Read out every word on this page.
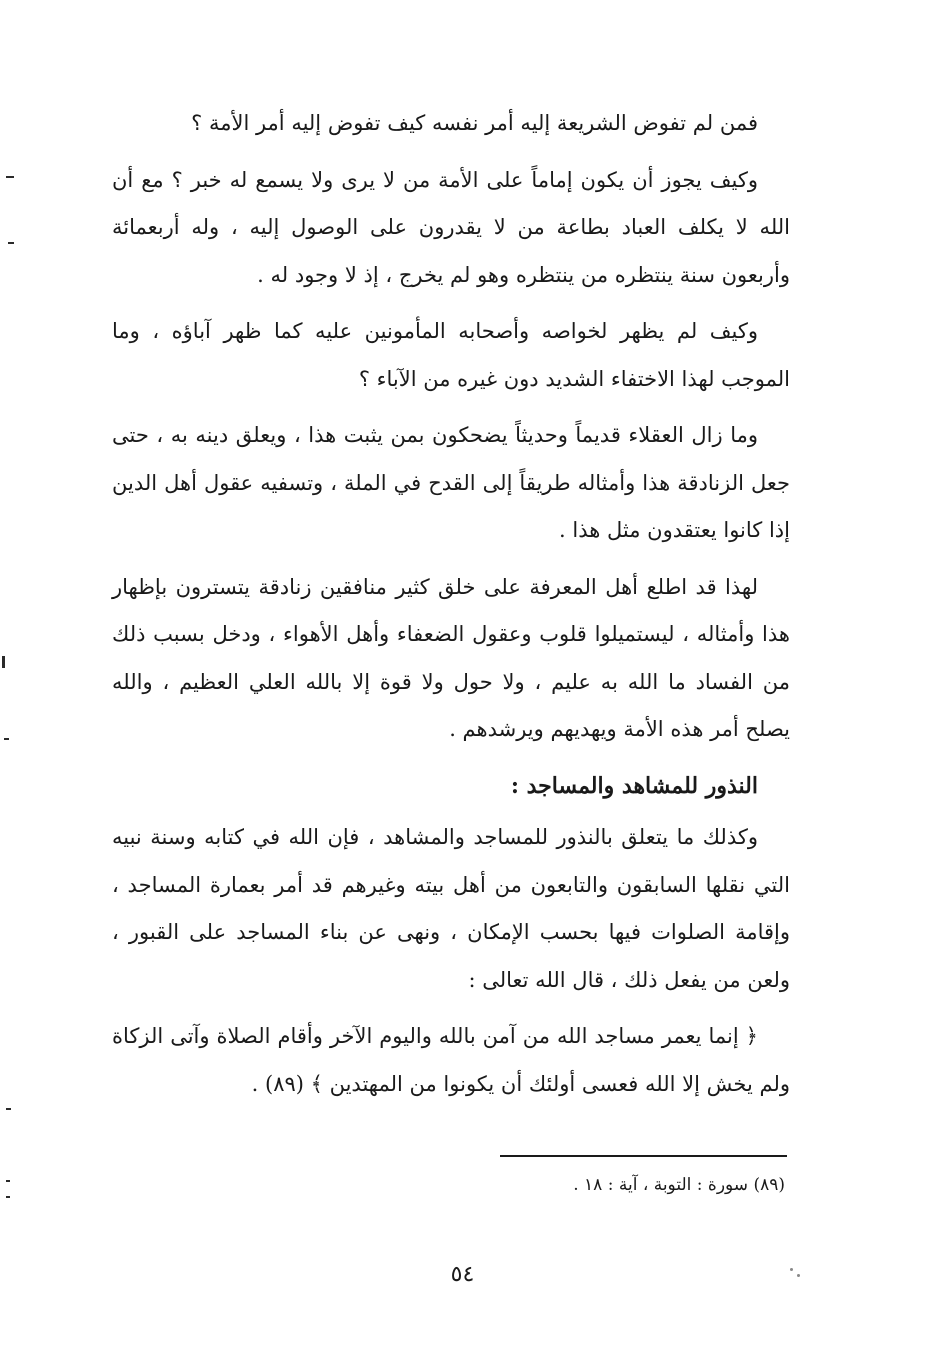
فمن لم تفوض الشريعة إليه أمر نفسه كيف تفوض إليه أمر الأمة ؟

وكيف يجوز أن يكون إماماً على الأمة من لا يرى ولا يسمع له خبر ؟ مع أن الله لا يكلف العباد بطاعة من لا يقدرون على الوصول إليه ، وله أربعمائة وأربعون سنة ينتظره من ينتظره وهو لم يخرج ، إذ لا وجود له .

وكيف لم يظهر لخواصه وأصحابه المأمونين عليه كما ظهر آباؤه ، وما الموجب لهذا الاختفاء الشديد دون غيره من الآباء ؟

وما زال العقلاء قديماً وحديثاً يضحكون بمن يثبت هذا ، ويعلق دينه به ، حتى جعل الزنادقة هذا وأمثاله طريقاً إلى القدح في الملة ، وتسفيه عقول أهل الدين إذا كانوا يعتقدون مثل هذا .

لهذا قد اطلع أهل المعرفة على خلق كثير منافقين زنادقة يتسترون بإظهار هذا وأمثاله ، ليستميلوا قلوب وعقول الضعفاء وأهل الأهواء ، ودخل بسبب ذلك من الفساد ما الله به عليم ، ولا حول ولا قوة إلا بالله العلي العظيم ، والله يصلح أمر هذه الأمة ويهديهم ويرشدهم .

النذور للمشاهد والمساجد :

وكذلك ما يتعلق بالنذور للمساجد والمشاهد ، فإن الله في كتابه وسنة نبيه التي نقلها السابقون والتابعون من أهل بيته وغيرهم قد أمر بعمارة المساجد ، وإقامة الصلوات فيها بحسب الإمكان ، ونهى عن بناء المساجد على القبور ، ولعن من يفعل ذلك ، قال الله تعالى :

﴿ إنما يعمر مساجد الله من آمن بالله واليوم الآخر وأقام الصلاة وآتى الزكاة ولم يخش إلا الله فعسى أولئك أن يكونوا من المهتدين ﴾ (٨٩) .

(٨٩) سورة : التوبة ، آية : ١٨ .
٥٤
